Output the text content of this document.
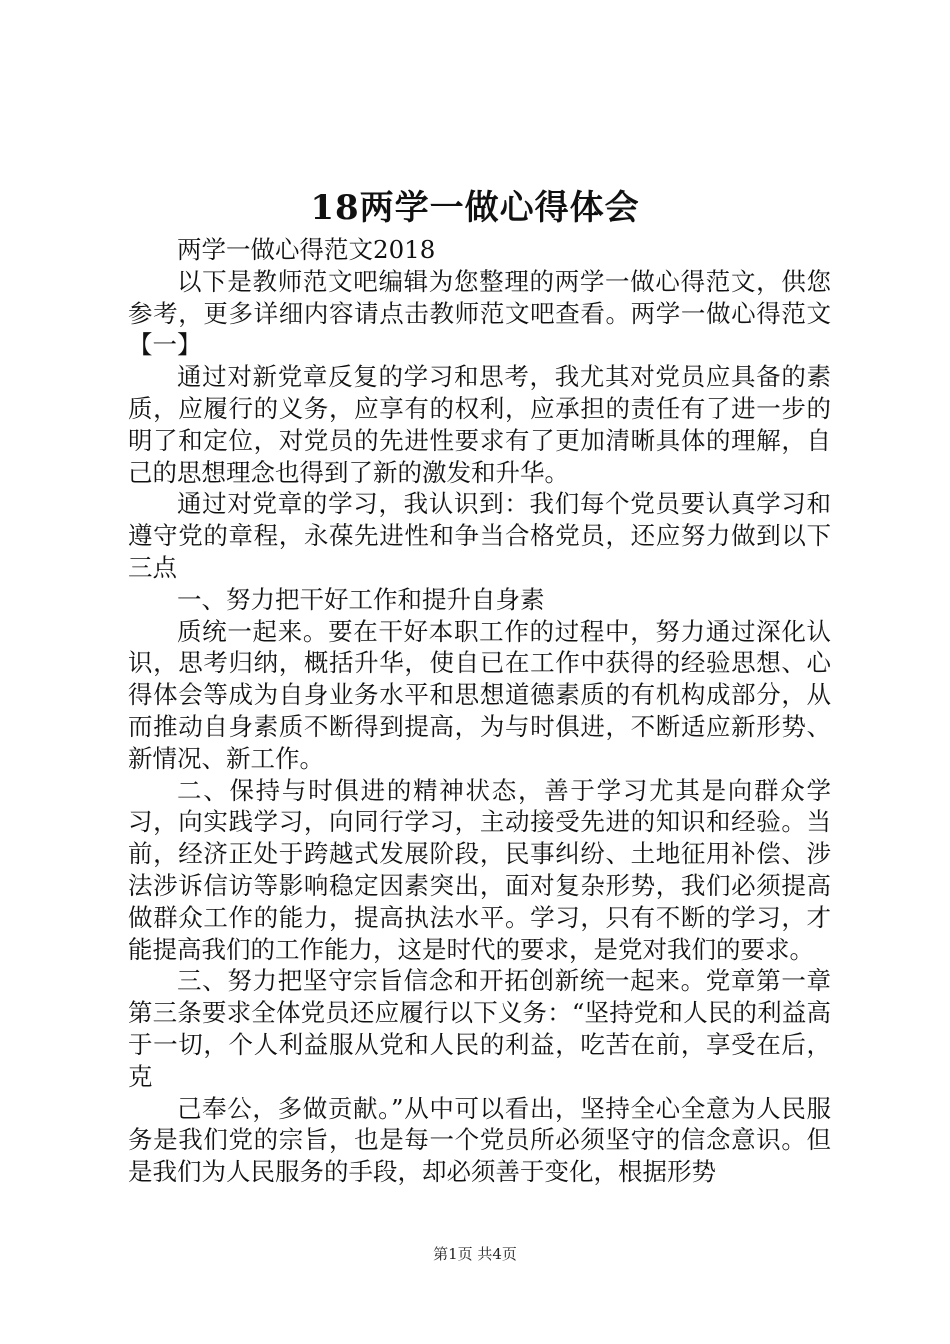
18两学一做心得体会

两学一做心得范文2018

以下是教师范文吧编辑为您整理的两学一做心得范文，供您参考，更多详细内容请点击教师范文吧查看。两学一做心得范文【一】

通过对新党章反复的学习和思考，我尤其对党员应具备的素质，应履行的义务，应享有的权利，应承担的责任有了进一步的明了和定位，对党员的先进性要求有了更加清晰具体的理解，自己的思想理念也得到了新的激发和升华。

通过对党章的学习，我认识到：我们每个党员要认真学习和遵守党的章程，永葆先进性和争当合格党员，还应努力做到以下三点

一、努力把干好工作和提升自身素

质统一起来。要在干好本职工作的过程中，努力通过深化认识，思考归纳，概括升华，使自已在工作中获得的经验思想、心得体会等成为自身业务水平和思想道德素质的有机构成部分，从而推动自身素质不断得到提高，为与时俱进，不断适应新形势、新情况、新工作。

二、保持与时俱进的精神状态，善于学习尤其是向群众学习，向实践学习，向同行学习，主动接受先进的知识和经验。当前，经济正处于跨越式发展阶段，民事纠纷、土地征用补偿、涉法涉诉信访等影响稳定因素突出，面对复杂形势，我们必须提高做群众工作的能力，提高执法水平。学习，只有不断的学习，才能提高我们的工作能力，这是时代的要求，是党对我们的要求。

三、努力把坚守宗旨信念和开拓创新统一起来。党章第一章第三条要求全体党员还应履行以下义务：“坚持党和人民的利益高于一切，个人利益服从党和人民的利益，吃苦在前，享受在后，克

己奉公，多做贡献。”从中可以看出，坚持全心全意为人民服务是我们党的宗旨，也是每一个党员所必须坚守的信念意识。但是我们为人民服务的手段，却必须善于变化，根据形势

第1页 共4页
